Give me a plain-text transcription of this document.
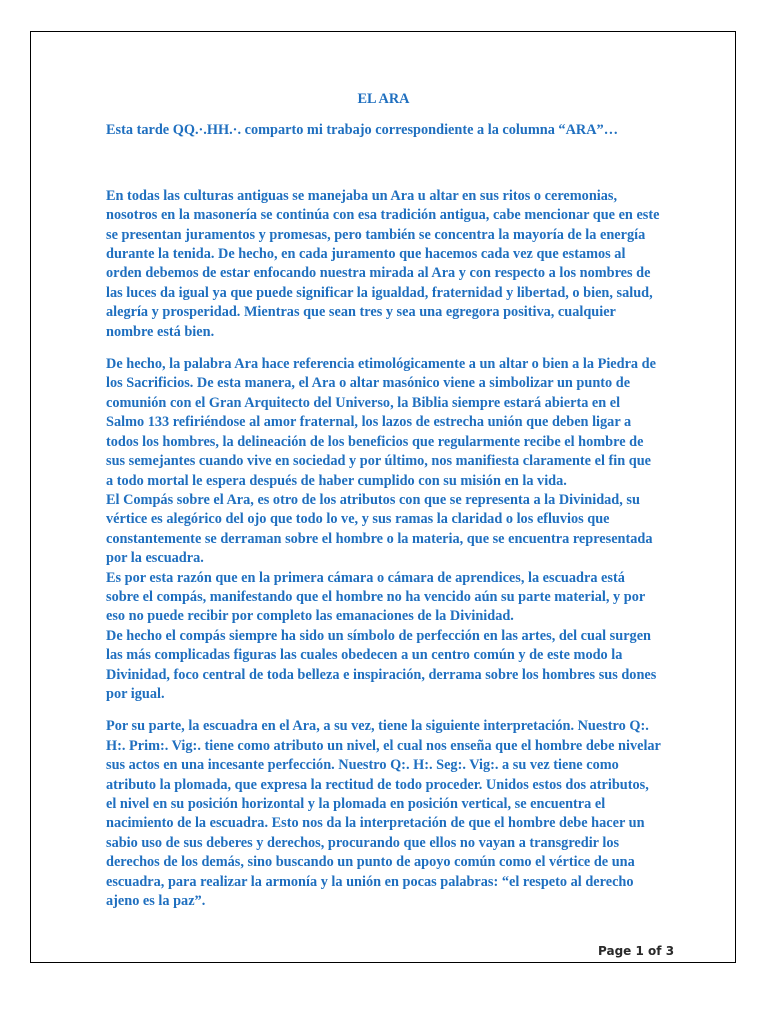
EL ARA

Esta tarde QQ.·.HH.·. comparto mi trabajo correspondiente a la columna “ARA”…

En todas las culturas antiguas se manejaba un Ara u altar en sus ritos o ceremonias, nosotros en la masonería se continúa con esa tradición antigua, cabe mencionar que en este se presentan juramentos y promesas, pero también se concentra la mayoría de la energía durante la tenida. De hecho, en cada juramento que hacemos cada vez que estamos al orden debemos de estar enfocando nuestra mirada al Ara y con respecto a los nombres de las luces da igual ya que puede significar la igualdad, fraternidad y libertad, o bien, salud, alegría y prosperidad. Mientras que sean tres y sea una egregora positiva, cualquier nombre está bien.

De hecho, la palabra Ara hace referencia etimológicamente a un altar o bien a la Piedra de los Sacrificios. De esta manera, el Ara o altar masónico viene a simbolizar un punto de comunión con el Gran Arquitecto del Universo, la Biblia siempre estará abierta en el Salmo 133 refiriéndose al amor fraternal, los lazos de estrecha unión que deben ligar a todos los hombres, la delineación de los beneficios que regularmente recibe el hombre de sus semejantes cuando vive en sociedad y por último, nos manifiesta claramente el fin que a todo mortal le espera después de haber cumplido con su misión en la vida.

El Compás sobre el Ara, es otro de los atributos con que se representa a la Divinidad, su vértice es alegórico del ojo que todo lo ve, y sus ramas la claridad o los efluvios que constantemente se derraman sobre el hombre o la materia, que se encuentra representada por la escuadra.

Es por esta razón que en la primera cámara o cámara de aprendices, la escuadra está sobre el compás, manifestando que el hombre no ha vencido aún su parte material, y por eso no puede recibir por completo las emanaciones de la Divinidad.

De hecho el compás siempre ha sido un símbolo de perfección en las artes, del cual surgen las más complicadas figuras las cuales obedecen a un centro común y de este modo la Divinidad, foco central de toda belleza e inspiración, derrama sobre los hombres sus dones por igual.

Por su parte, la escuadra en el Ara, a su vez, tiene la siguiente interpretación. Nuestro Q:. H:. Prim:. Vig:. tiene como atributo un nivel, el cual nos enseña que el hombre debe nivelar sus actos en una incesante perfección. Nuestro Q:. H:. Seg:. Vig:. a su vez tiene como atributo la plomada, que expresa la rectitud de todo proceder. Unidos estos dos atributos, el nivel en su posición horizontal y la plomada en posición vertical, se encuentra el nacimiento de la escuadra. Esto nos da la interpretación de que el hombre debe hacer un sabio uso de sus deberes y derechos, procurando que ellos no vayan a transgredir los derechos de los demás, sino buscando un punto de apoyo común como el vértice de una escuadra, para realizar la armonía y la unión en pocas palabras: “el respeto al derecho ajeno es la paz”.

Page 1 of 3
